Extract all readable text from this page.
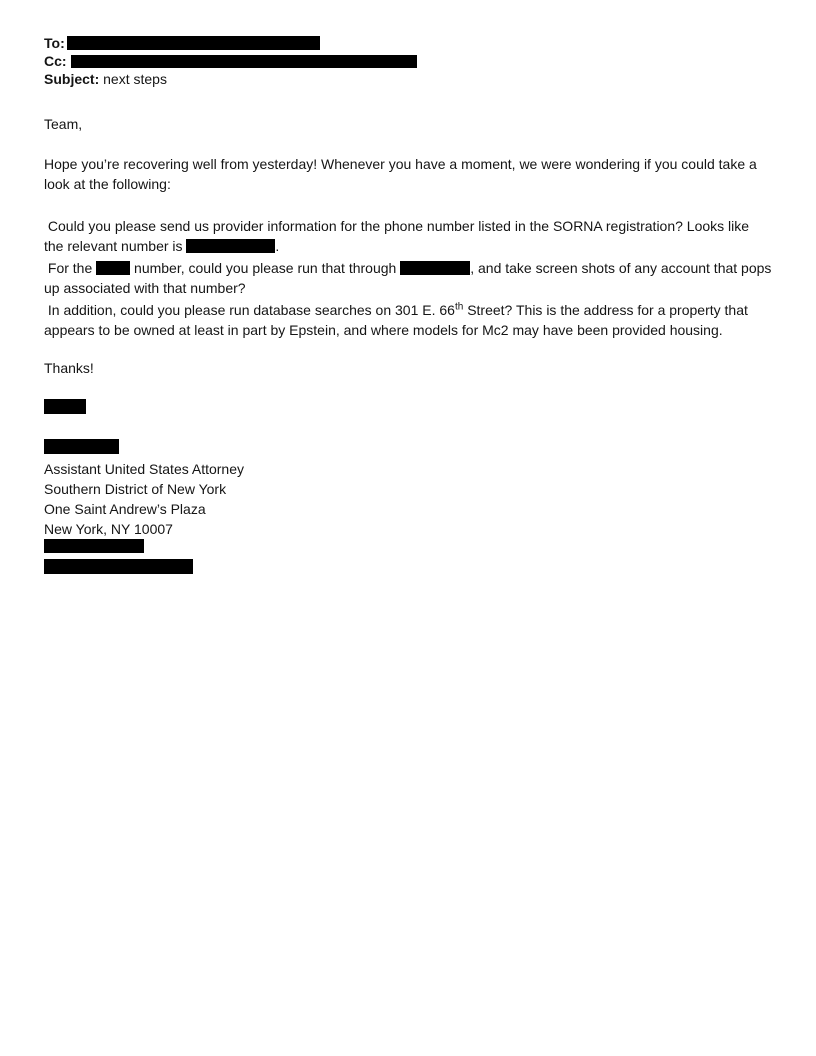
To:
Cc:
Subject: next steps

Team,

Hope you’re recovering well from yesterday! Whenever you have a moment, we were wondering if you could take a look at the following:

Could you please send us provider information for the phone number listed in the SORNA registration? Looks like the relevant number is	.

For the  number, could you please run that through	, and take screen shots of any account that pops up associated with that number?

In addition, could you please run database searches on 301 E. 66th Street? This is the address for a property that appears to be owned at least in part by Epstein, and where models for Mc2 may have been provided housing.

Thanks!

Assistant United States Attorney
Southern District of New York
One Saint Andrew’s Plaza
New York, NY 10007
